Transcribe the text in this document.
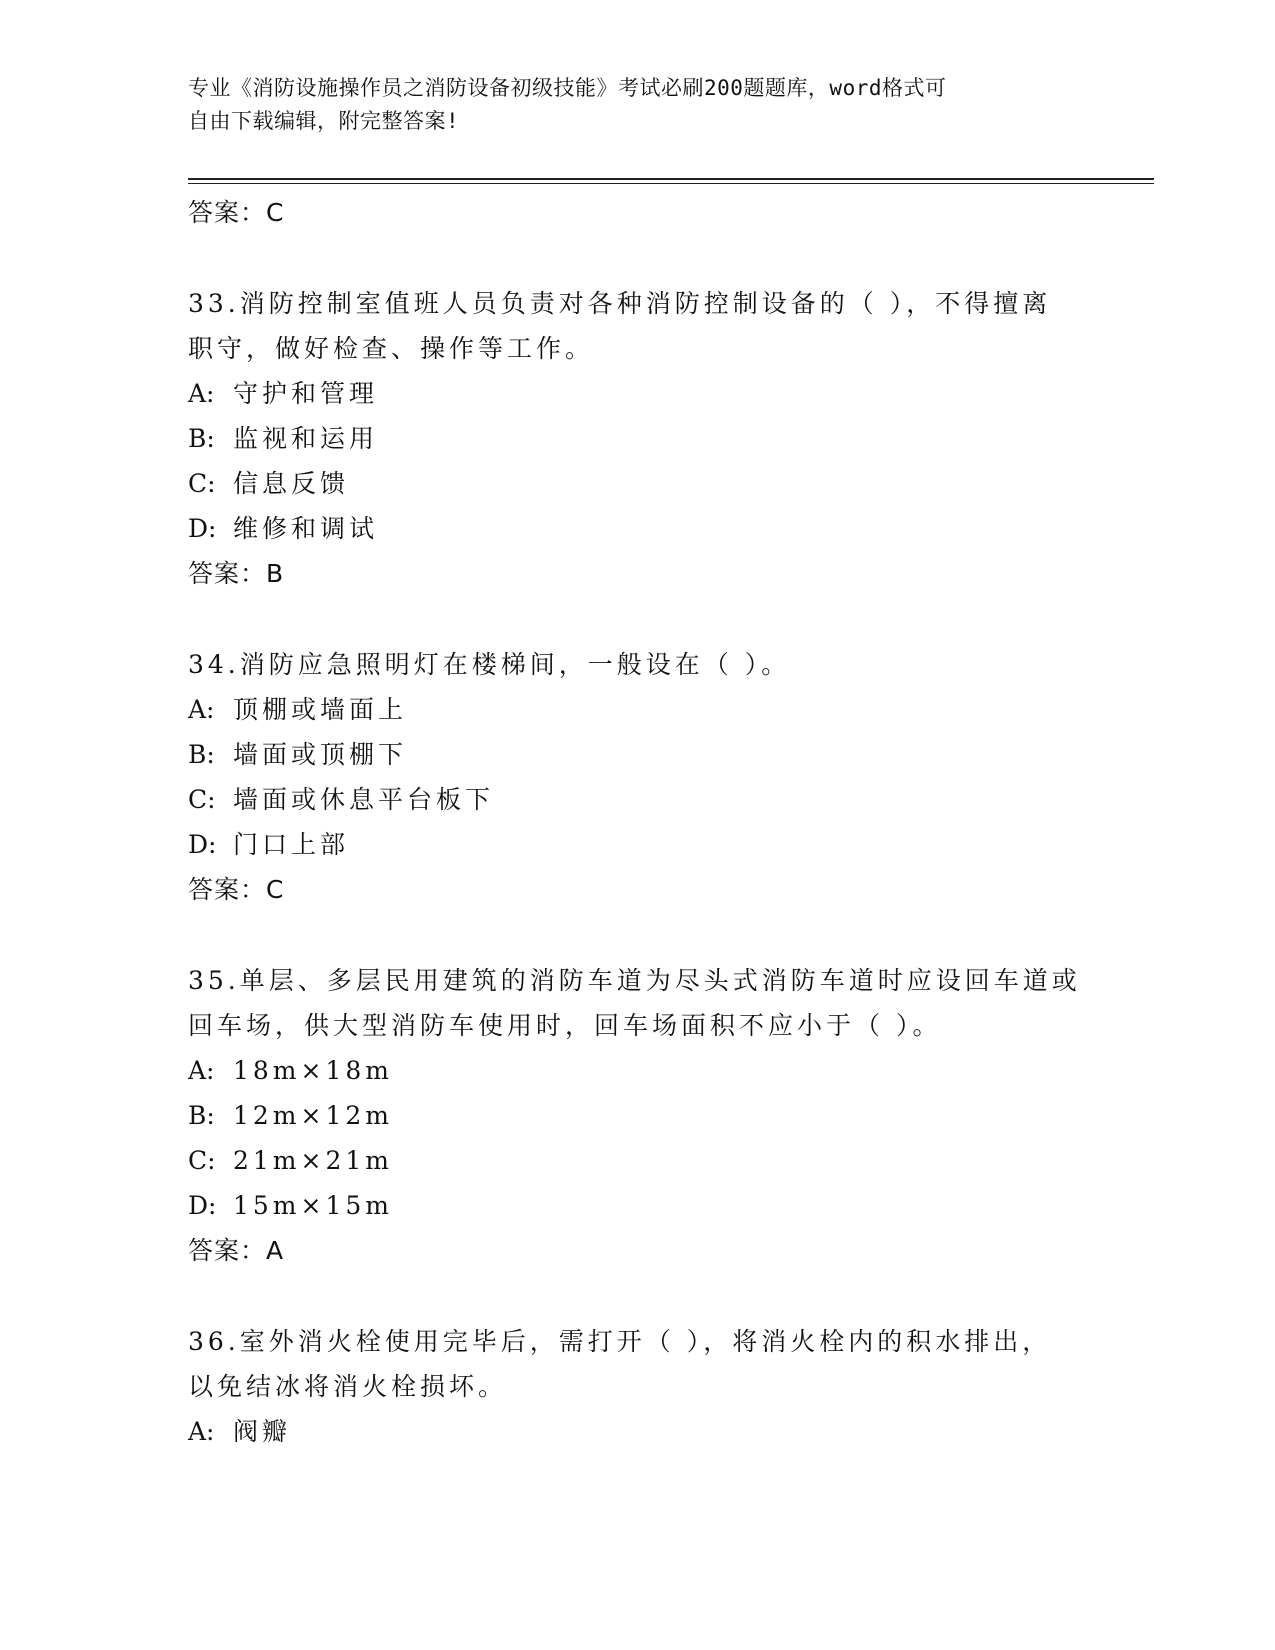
专业《消防设施操作员之消防设备初级技能》考试必刷200题题库，word格式可
自由下载编辑，附完整答案!
答案：C
33.消防控制室值班人员负责对各种消防控制设备的（ ），不得擅离
职守，做好检查、操作等工作。
A: 守护和管理
B: 监视和运用
C: 信息反馈
D: 维修和调试
答案：B
34.消防应急照明灯在楼梯间，一般设在（ ）。
A: 顶棚或墙面上
B: 墙面或顶棚下
C: 墙面或休息平台板下
D: 门口上部
答案：C
35.单层、多层民用建筑的消防车道为尽头式消防车道时应设回车道或
回车场，供大型消防车使用时，回车场面积不应小于（ ）。
A: 18m×18m
B: 12m×12m
C: 21m×21m
D: 15m×15m
答案：A
36.室外消火栓使用完毕后，需打开（ ），将消火栓内的积水排出，
以免结冰将消火栓损坏。
A: 阀瓣
